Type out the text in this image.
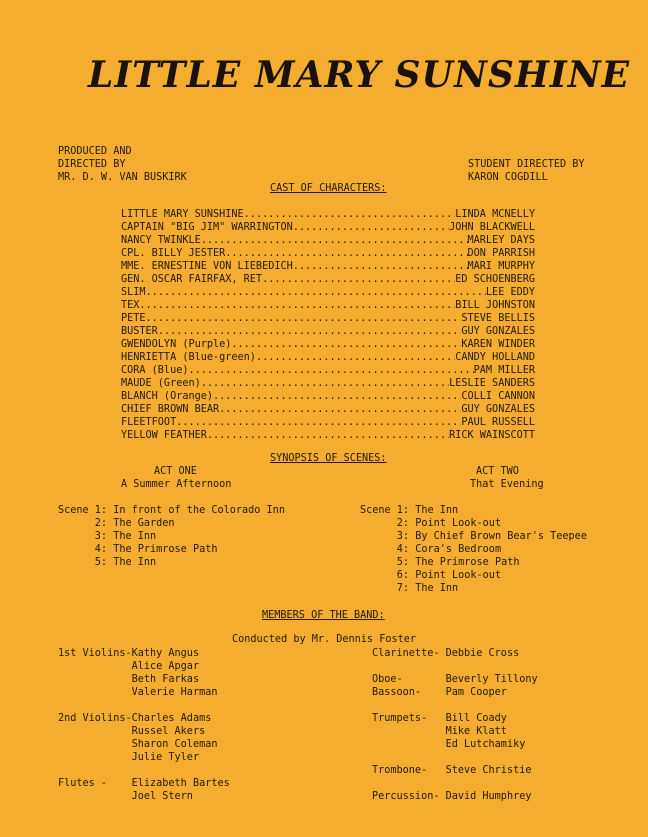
LITTLE MARY SUNSHINE
PRODUCED AND
DIRECTED BY
MR. D. W. VAN BUSKIRK
STUDENT DIRECTED BY
KARON COGDILL
CAST OF CHARACTERS:
LITTLE MARY SUNSHINE .....	LINDA MCNELLY
CAPTAIN "BIG JIM" WARRINGTON .....	JOHN BLACKWELL
NANCY TWINKLE .....	MARLEY DAYS
CPL. BILLY JESTER .....	DON PARRISH
MME. ERNESTINE VON LIEBEDICH .....	MARI MURPHY
GEN. OSCAR FAIRFAX, RET. .....	ED SCHOENBERG
SLIM .....	LEE EDDY
TEX .....	BILL JOHNSTON
PETE .....	STEVE BELLIS
BUSTER .....	GUY GONZALES
GWENDOLYN (Purple) .....	KAREN WINDER
HENRIETTA (Blue-green) .....	CANDY HOLLAND
CORA (Blue) .....	PAM MILLER
MAUDE (Green) .....	LESLIE SANDERS
BLANCH (Orange) .....	COLLI CANNON
CHIEF BROWN BEAR .....	GUY GONZALES
FLEETFOOT .....	PAUL RUSSELL
YELLOW FEATHER .....	RICK WAINSCOTT
SYNOPSIS OF SCENES:
ACT ONE
A Summer Afternoon
ACT TWO
That Evening
Scene 1: In front of the Colorado Inn
2: The Garden
3: The Inn
4: The Primrose Path
5: The Inn
Scene 1: The Inn
2: Point Look-out
3: By Chief Brown Bear's Teepee
4: Cora's Bedroom
5: The Primrose Path
6: Point Look-out
7: The Inn
MEMBERS OF THE BAND:
Conducted by Mr. Dennis Foster
1st Violins-Kathy Angus
Alice Apgar
Beth Farkas
Valerie Harman
2nd Violins-Charles Adams
Russel Akers
Sharon Coleman
Julie Tyler
Flutes -    Elizabeth Bartes
Joel Stern
Clarinette- Debbie Cross
Oboe-       Beverly Tillony
Bassoon-    Pam Cooper
Trumpets-   Bill Coady
Mike Klatt
Ed Lutchamiky
Trombone-   Steve Christie
Percussion- David Humphrey
